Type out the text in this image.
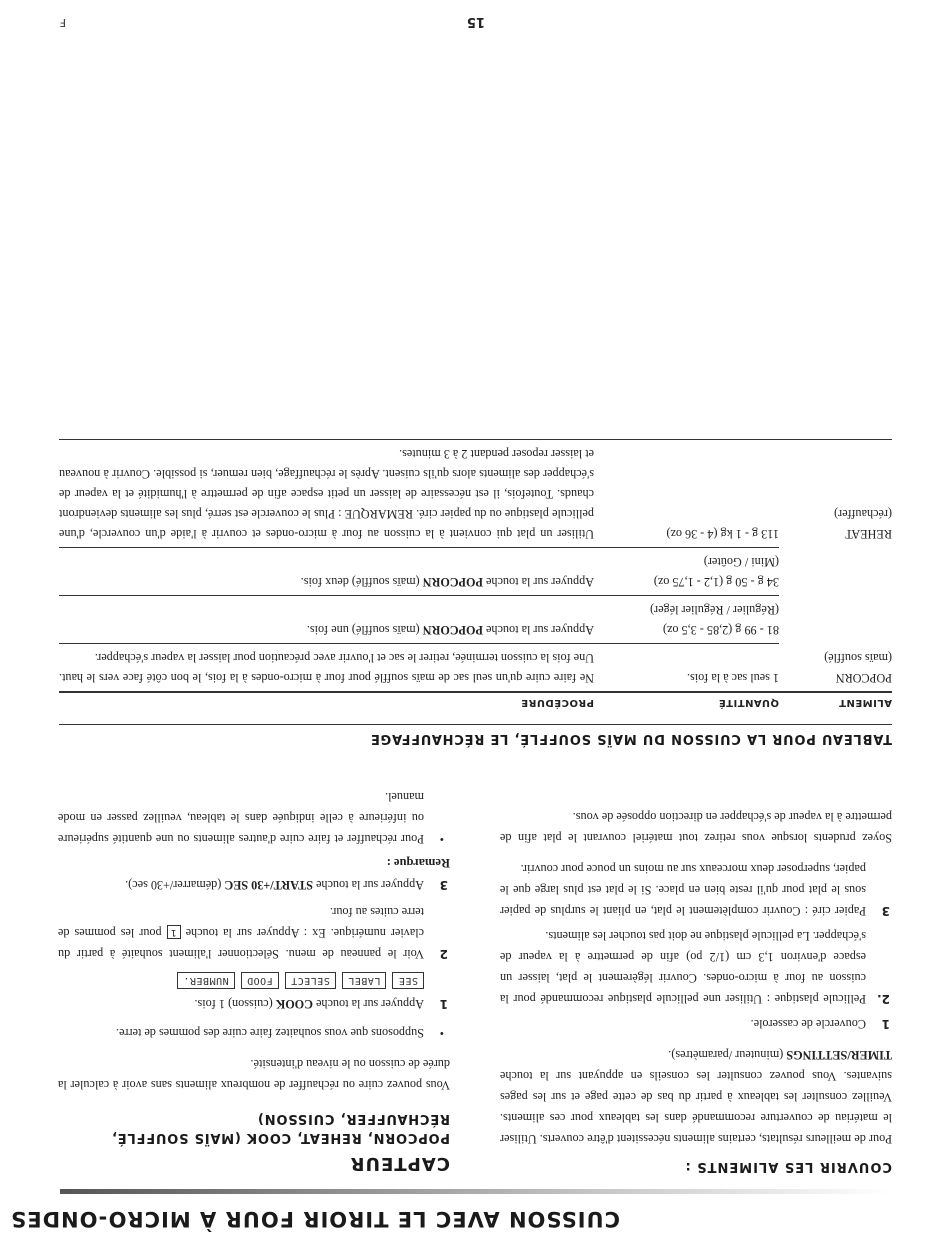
CUISSON AVEC LE TIROIR FOUR À MICRO-ONDES
COUVRIR LES ALIMENTS :

Pour de meilleurs résultats, certains aliments nécessitent d'être couverts. Utiliser le matériau de couverture recommandé dans les tableaux pour ces aliments. Veuillez consulter les tableaux à partir du bas de cette page et sur les pages suivantes. Vous pouvez consulter les conseils en appuyant sur la touche TIMER/SETTINGS (minuteur /paramètres).

1
Couvercle de casserole.
2.
Pellicule plastique : Utiliser une pellicule plastique recommandé pour la cuisson au four à micro-ondes. Couvrir légèrement le plat, laisser un espace d'environ 1,3 cm (1/2 po) afin de permettre à la vapeur de s'échapper. La pellicule plastique ne doit pas toucher les aliments.
3
Papier ciré : Couvrir complètement le plat, en pliant le surplus de papier sous le plat pour qu'il reste bien en place. Si le plat est plus large que le papier, superposer deux morceaux sur au moins un pouce pour couvrir.

Soyez prudents lorsque vous retirez tout matériel couvrant le plat afin de permettre à la vapeur de s'échapper en direction opposée de vous.

CAPTEUR
POPCORN, REHEAT, COOK (MAÏS SOUFFLÉ, RÉCHAUFFER, CUISSON)

Vous pouvez cuire ou réchauffer de nombreux aliments sans avoir à calculer la durée de cuisson ou le niveau d'intensité.

•
Supposons que vous souhaitez faire cuire des pommes de terre.
1
Appuyer sur la touche COOK (cuisson) 1 fois.
SEE
LABEL
SELECT
FOOD
NUMBER.
2
Voir le panneau de menu. Sélectionner l'aliment souhaité à partir du clavier numérique. Ex : Appuyer sur la touche 1 pour les pommes de terre cuites au four.
3
Appuyer sur la touche START/+30 SEC (démarrer/+30 sec).
Remarque :
•
Pour réchauffer et faire cuire d'autres aliments ou une quantité supérieure ou inférieure à celle indiquée dans le tableau, veuillez passer en mode manuel.
TABLEAU POUR LA CUISSON DU MAÏS SOUFFLÉ, LE RÉCHAUFFAGE
ALIMENT	QUANTITÉ	PROCÉDURE

POPCORN
(maïs soufflé)	1 seul sac à la fois.	Ne faire cuire qu'un seul sac de maïs soufflé pour four à micro-ondes à la fois, le bon côté face vers le haut. Une fois la cuisson terminée, retirer le sac et l'ouvrir avec précaution pour laisser la vapeur s'échapper.

	81 - 99 g (2,85 - 3,5 oz)
(Régulier / Régulier léger)	Appuyer sur la touche POPCORN (maïs soufflé) une fois.

	34 g - 50 g (1,2 - 1,75 oz)
(Mini / Goûter)	Appuyer sur la touche POPCORN (maïs soufflé) deux fois.

REHEAT
(réchauffer)	113 g - 1 kg (4 - 36 oz)	Utiliser un plat qui convient à la cuisson au four à micro-ondes et couvrir à l'aide d'un couvercle, d'une pellicule plastique ou du papier ciré. REMARQUE : Plus le couvercle est serré, plus les aliments deviendront chauds. Toutefois, il est nécessaire de laisser un petit espace afin de permettre à l'humidité et la vapeur de s'échapper des aliments alors qu'ils cuisent. Après le réchauffage, bien remuer, si possible. Couvrir à nouveau et laisser reposer pendant 2 à 3 minutes.
15
F
